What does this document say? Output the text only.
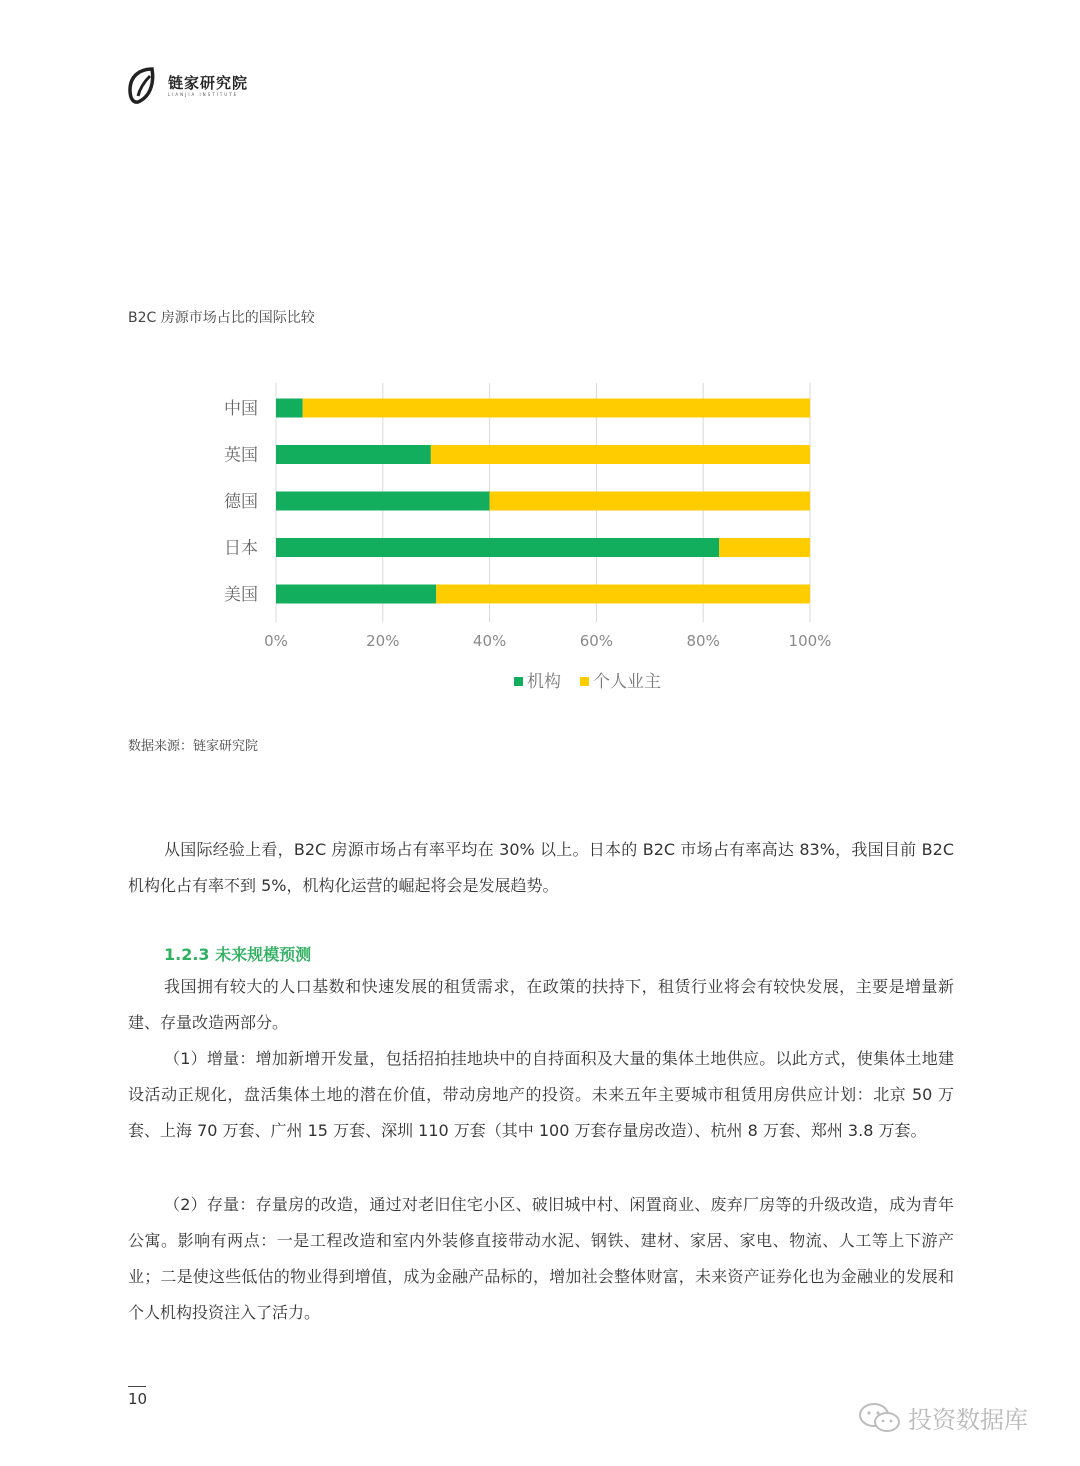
链家研究院
LIANJIA INSTITUTE
B2C 房源市场占比的国际比较
0%	20%	40%	60%	80%	100%
中国
英国
德国
日本
美国
机构 个人业主
数据来源：链家研究院

从国际经验上看，B2C 房源市场占有率平均在 30% 以上。日本的 B2C 市场占有率高达 83%，我国目前 B2C 机构化占有率不到 5%，机构化运营的崛起将会是发展趋势。

1.2.3 未来规模预测

我国拥有较大的人口基数和快速发展的租赁需求，在政策的扶持下，租赁行业将会有较快发展，主要是增量新建、存量改造两部分。

（1）增量：增加新增开发量，包括招拍挂地块中的自持面积及大量的集体土地供应。以此方式，使集体土地建设活动正规化，盘活集体土地的潜在价值，带动房地产的投资。未来五年主要城市租赁用房供应计划：北京 50 万套、上海 70 万套、广州 15 万套、深圳 110 万套（其中 100 万套存量房改造）、杭州 8 万套、郑州 3.8 万套。

（2）存量：存量房的改造，通过对老旧住宅小区、破旧城中村、闲置商业、废弃厂房等的升级改造，成为青年公寓。影响有两点：一是工程改造和室内外装修直接带动水泥、钢铁、建材、家居、家电、物流、人工等上下游产业；二是使这些低估的物业得到增值，成为金融产品标的，增加社会整体财富，未来资产证券化也为金融业的发展和个人机构投资注入了活力。

10
投资数据库
